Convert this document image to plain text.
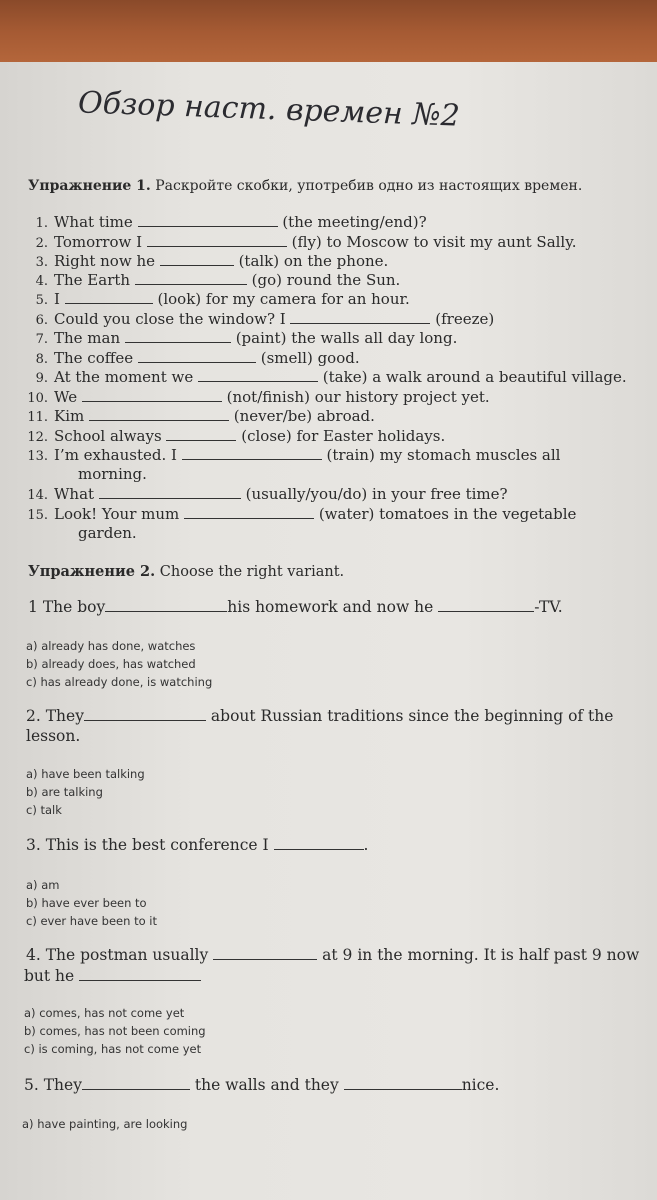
Обзор наст. времен №2
Упражнение 1. Раскройте скобки, употребив одно из настоящих времен.
1. What time	(the meeting/end)?
2. Tomorrow I	(fly) to Moscow to visit my aunt Sally.
3. Right now he	(talk) on the phone.
4. The Earth	(go) round the Sun.
5. I	(look) for my camera for an hour.
6. Could you close the window? I	(freeze)
7. The man	(paint) the walls all day long.
8. The coffee	(smell) good.
9. At the moment we	(take) a walk around a beautiful village.
10. We	(not/finish) our history project yet.
11. Kim	(never/be) abroad.
12. School always	(close) for Easter holidays.
13. I’m exhausted. I	(train) my stomach muscles all
morning.
14. What	(usually/you/do) in your free time?
15. Look! Your mum	(water) tomatoes in the vegetable
garden.
Упражнение 2. Choose the right variant.
1 The boy	his homework and now he	-TV.
a) already has done, watches
b) already does, has watched
c) has already done, is watching
2. They	about Russian traditions since the beginning of the
lesson.
a) have been talking
b) are talking
c) talk
3. This is the best conference I	.
a) am
b) have ever been to
c) ever have been to it
4. The postman usually	at 9 in the morning. It is half past 9 now
but he
a) comes, has not come yet
b) comes, has not been coming
c) is coming, has not come yet
5. They	the walls and they	nice.
a) have painting, are looking
